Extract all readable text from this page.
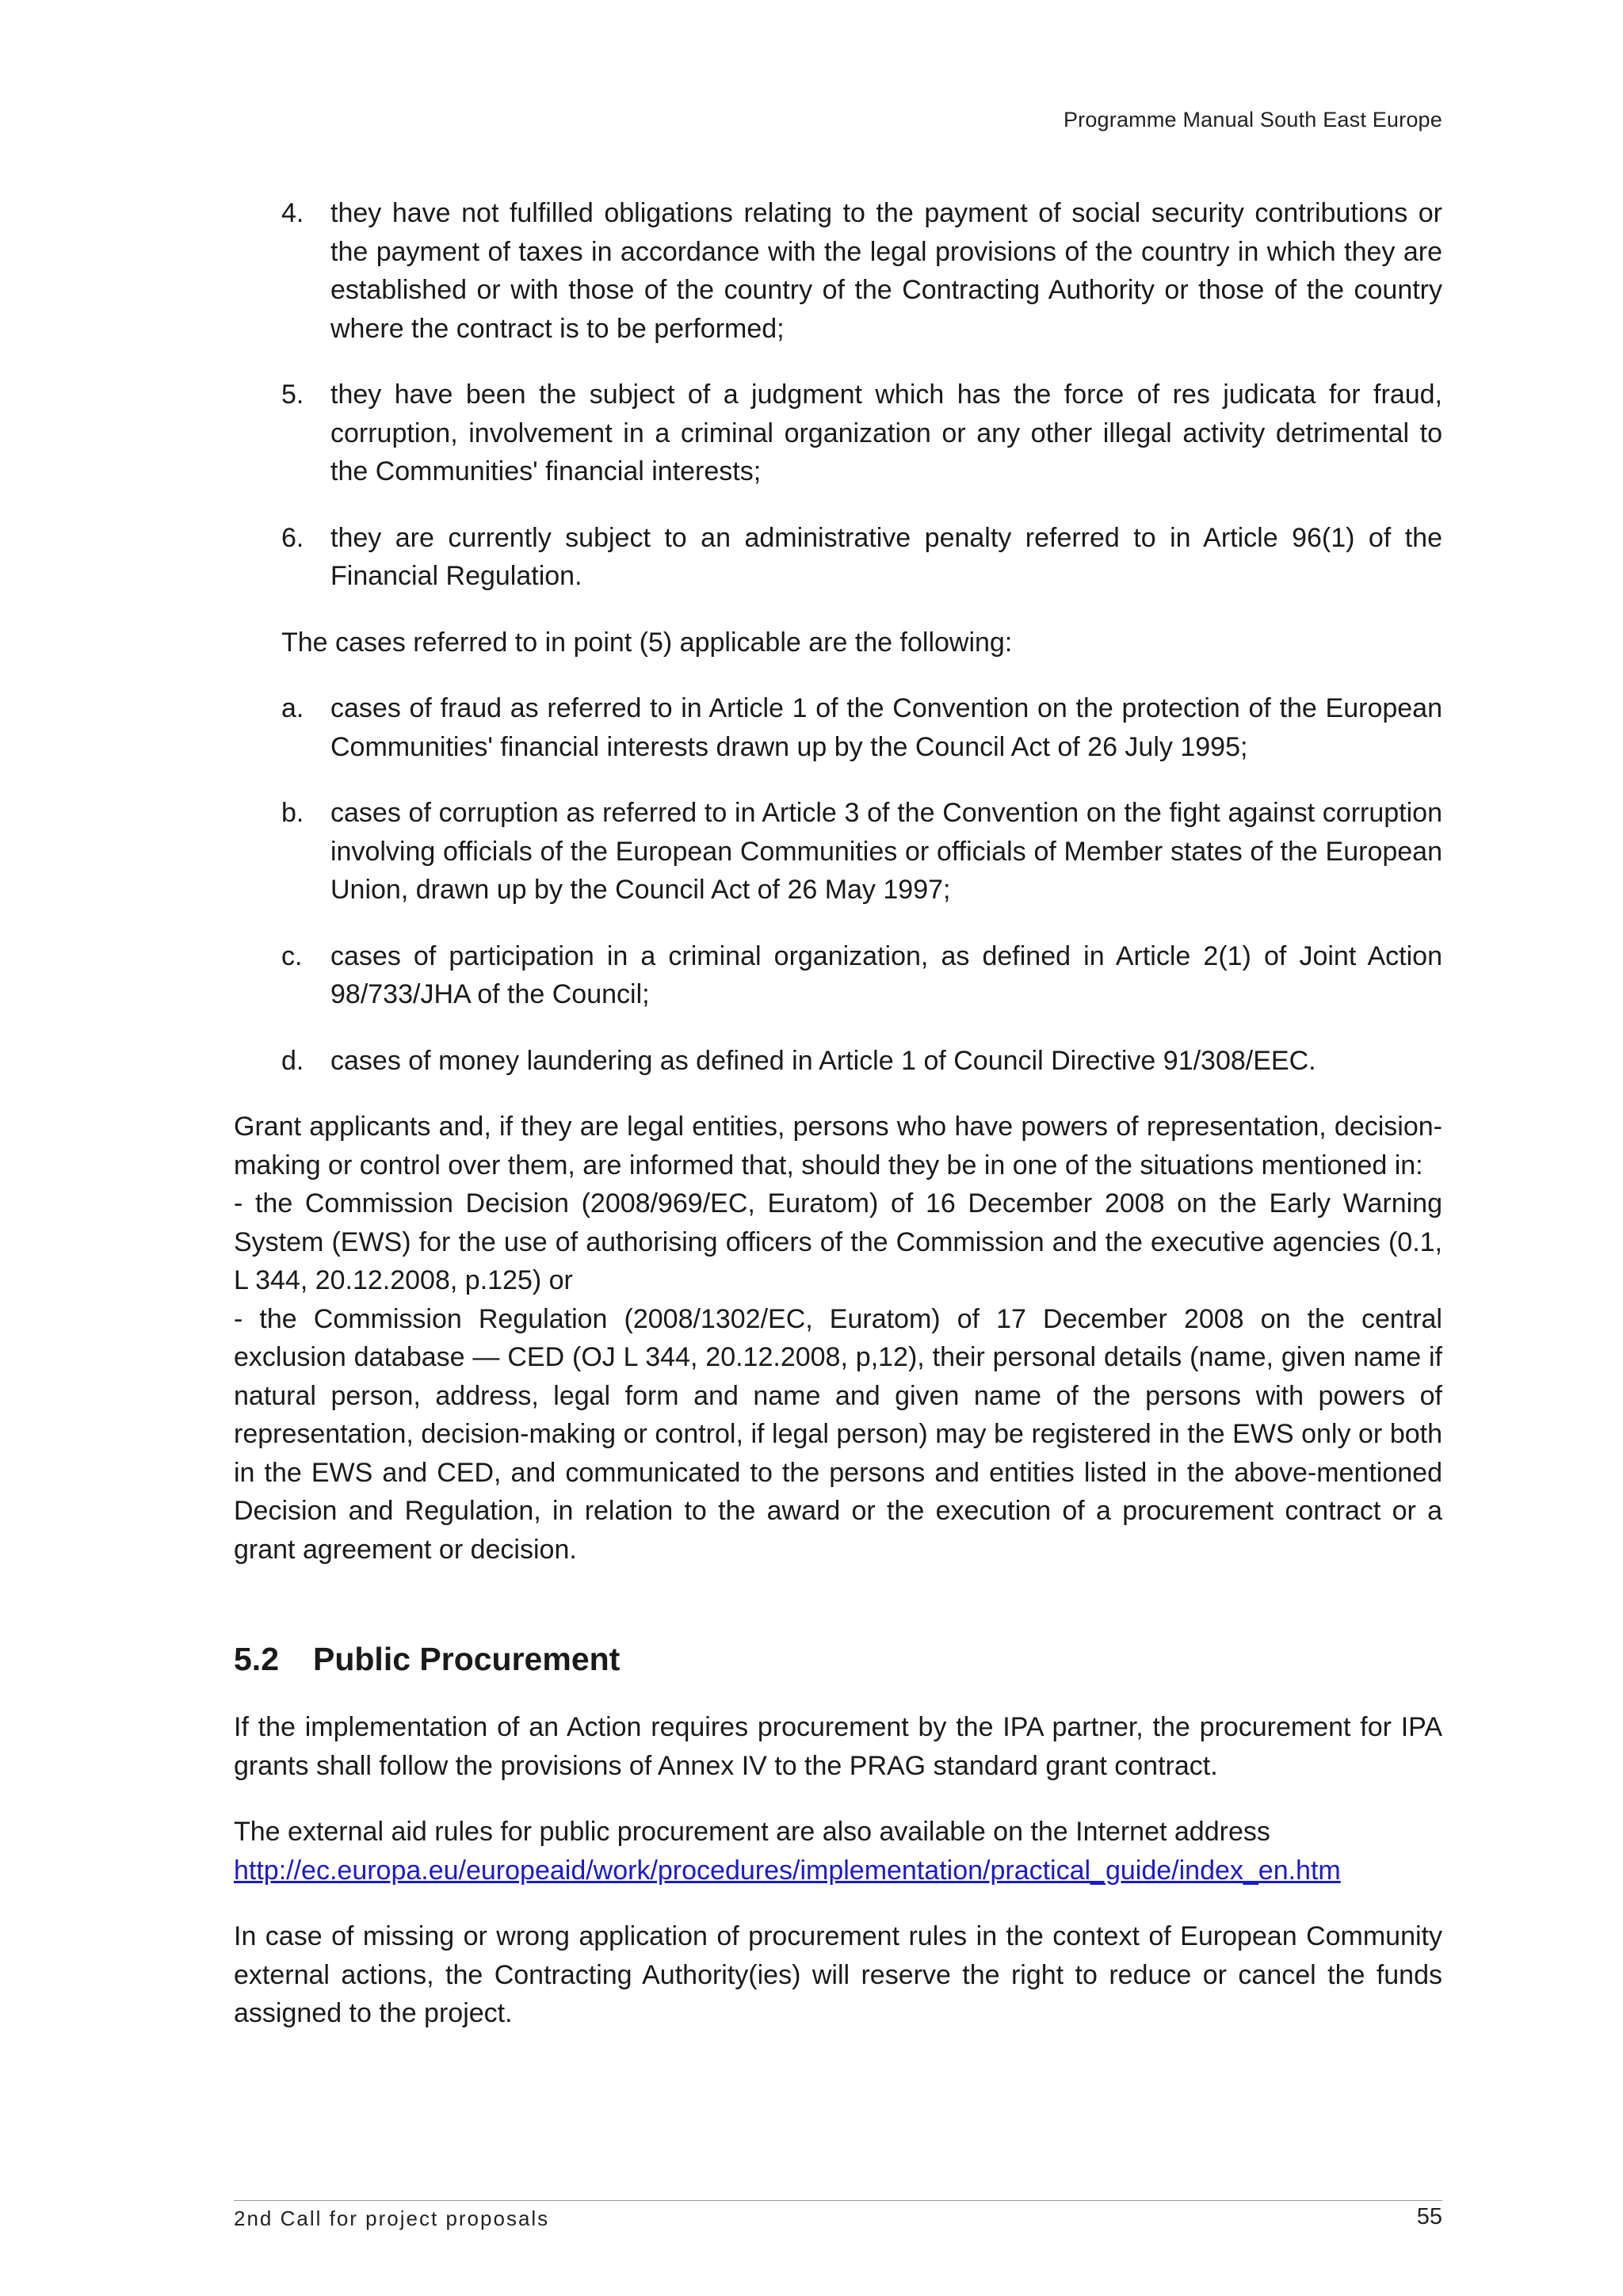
Programme Manual South East Europe
4. they have not fulfilled obligations relating to the payment of social security contributions or the payment of taxes in accordance with the legal provisions of the country in which they are established or with those of the country of the Contracting Authority or those of the country where the contract is to be performed;
5. they have been the subject of a judgment which has the force of res judicata for fraud, corruption, involvement in a criminal organization or any other illegal activity detrimental to the Communities' financial interests;
6. they are currently subject to an administrative penalty referred to in Article 96(1) of the Financial Regulation.

The cases referred to in point (5) applicable are the following:

a. cases of fraud as referred to in Article 1 of the Convention on the protection of the European Communities' financial interests drawn up by the Council Act of 26 July 1995;
b. cases of corruption as referred to in Article 3 of the Convention on the fight against corruption involving officials of the European Communities or officials of Member states of the European Union, drawn up by the Council Act of 26 May 1997;
c.	cases of participation in a criminal organization, as defined in Article 2(1) of Joint Action 98/733/JHA of the Council;
d. cases of money laundering as defined in Article 1 of Council Directive 91/308/EEC.

Grant applicants and, if they are legal entities, persons who have powers of representation, decision-making or control over them, are informed that, should they be in one of the situations mentioned in:
- the Commission Decision (2008/969/EC, Euratom) of 16 December 2008 on the Early Warning System (EWS) for the use of authorising officers of the Commission and the executive agencies (0.1, L 344, 20.12.2008, p.125) or
- the Commission Regulation (2008/1302/EC, Euratom) of 17 December 2008 on the central exclusion database — CED (OJ L 344, 20.12.2008, p,12), their personal details (name, given name if natural person, address, legal form and name and given name of the persons with powers of representation, decision-making or control, if legal person) may be registered in the EWS only or both in the EWS and CED, and communicated to the persons and entities listed in the above-mentioned Decision and Regulation, in relation to the award or the execution of a procurement contract or a grant agreement or decision.

5.2 Public Procurement

If the implementation of an Action requires procurement by the IPA partner, the procurement for IPA grants shall follow the provisions of Annex IV to the PRAG standard grant contract.

The external aid rules for public procurement are also available on the Internet address
http://ec.europa.eu/europeaid/work/procedures/implementation/practical_guide/index_en.htm

In case of missing or wrong application of procurement rules in the context of European Community external actions, the Contracting Authority(ies) will reserve the right to reduce or cancel the funds assigned to the project.

2nd Call for project proposals	55
